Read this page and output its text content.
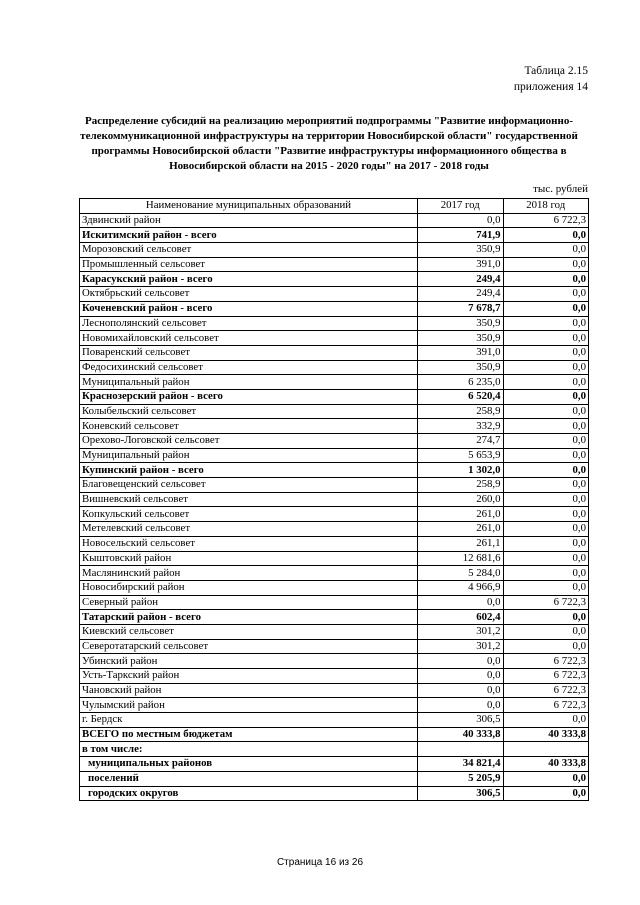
Таблица 2.15
приложения 14
Распределение субсидий на реализацию мероприятий подпрограммы "Развитие информационно-телекоммуникационной инфраструктуры на территории Новосибирской области" государственной программы Новосибирской области "Развитие инфраструктуры информационного общества в Новосибирской области на 2015 - 2020 годы" на 2017 - 2018 годы
тыс. рублей
Наименование муниципальных образований	2017 год	2018 год
Здвинский район	0,0	6 722,3
Искитимский район - всего	741,9	0,0
Морозовский сельсовет	350,9	0,0
Промышленный сельсовет	391,0	0,0
Карасукский район - всего	249,4	0,0
Октябрьский сельсовет	249,4	0,0
Коченевский район - всего	7 678,7	0,0
Леснополянский сельсовет	350,9	0,0
Новомихайловский сельсовет	350,9	0,0
Поваренский сельсовет	391,0	0,0
Федосихинский сельсовет	350,9	0,0
Муниципальный район	6 235,0	0,0
Краснозерский район - всего	6 520,4	0,0
Колыбельский сельсовет	258,9	0,0
Коневский сельсовет	332,9	0,0
Орехово-Логовской сельсовет	274,7	0,0
Муниципальный район	5 653,9	0,0
Купинский район - всего	1 302,0	0,0
Благовещенский сельсовет	258,9	0,0
Вишневский сельсовет	260,0	0,0
Копкульский сельсовет	261,0	0,0
Метелевский сельсовет	261,0	0,0
Новосельский сельсовет	261,1	0,0
Кыштовский район	12 681,6	0,0
Маслянинский район	5 284,0	0,0
Новосибирский район	4 966,9	0,0
Северный район	0,0	6 722,3
Татарский район - всего	602,4	0,0
Киевский сельсовет	301,2	0,0
Северотатарский сельсовет	301,2	0,0
Убинский район	0,0	6 722,3
Усть-Таркский район	0,0	6 722,3
Чановский район	0,0	6 722,3
Чулымский район	0,0	6 722,3
г. Бердск	306,5	0,0
ВСЕГО по местным бюджетам	40 333,8	40 333,8
в том числе:		
муниципальных районов	34 821,4	40 333,8
поселений	5 205,9	0,0
городских округов	306,5	0,0
Страница 16 из 26
